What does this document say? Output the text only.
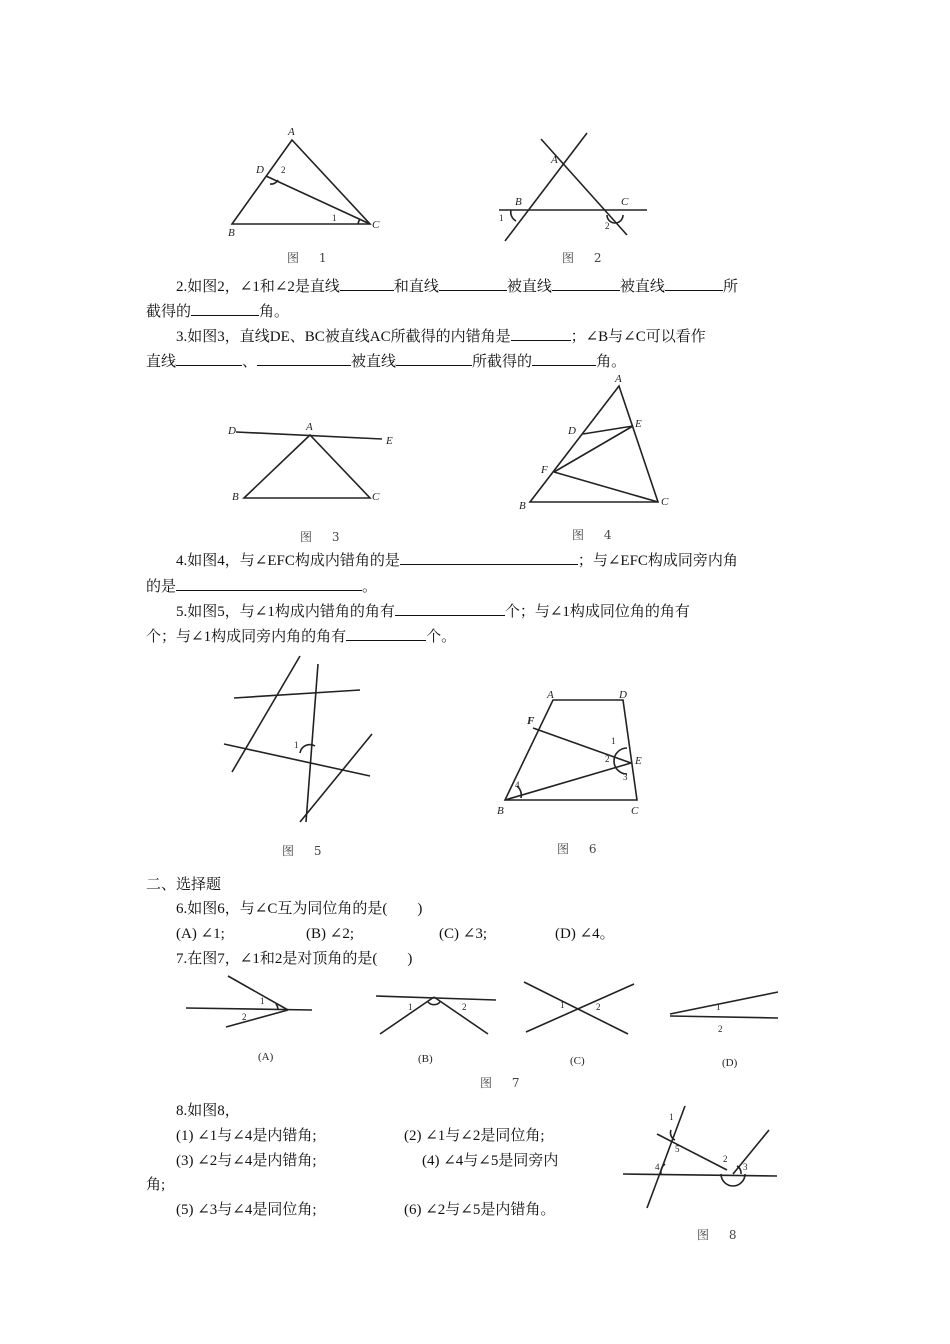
A
D
B
C
2
1
图 1
A
B	C
1
2
图 2
2.如图2，∠1和∠2是直线	和直线	被直线	被直线	所
截得的	角。
3.如图3，直线DE、BC被直线AC所截得的内错角是	；∠B与∠C可以看作
直线	、	被直线	所截得的	角。
D	A
E
B	C
图 3
A
D
E
F
B	C
图 4
4.如图4，与∠EFC构成内错角的是	；与∠EFC构成同旁内角
的是	。
5.如图5，与∠1构成内错角的角有	个；与∠1构成同位角的角有
个；与∠1构成同旁内角的角有	个。
1
图 5
A	D
F
E
B	C
1
2
3
4
图 6
二、选择题
6.如图6，与∠C互为同位角的是(　　)
(A) ∠1;	(B) ∠2;	(C) ∠3;	(D) ∠4。
7.在图7，∠1和2是对顶角的是(　　)
1
2
1	2	1	2	1
2
(A)	(B)	(C)	(D)
图 7
8.如图8，
(1) ∠1与∠4是内错角;	(2) ∠1与∠2是同位角;
(3) ∠2与∠4是内错角;	(4) ∠4与∠5是同旁内
角;
(5) ∠3与∠4是同位角;	(6) ∠2与∠5是内错角。
1
5
4
2
3
图 8
